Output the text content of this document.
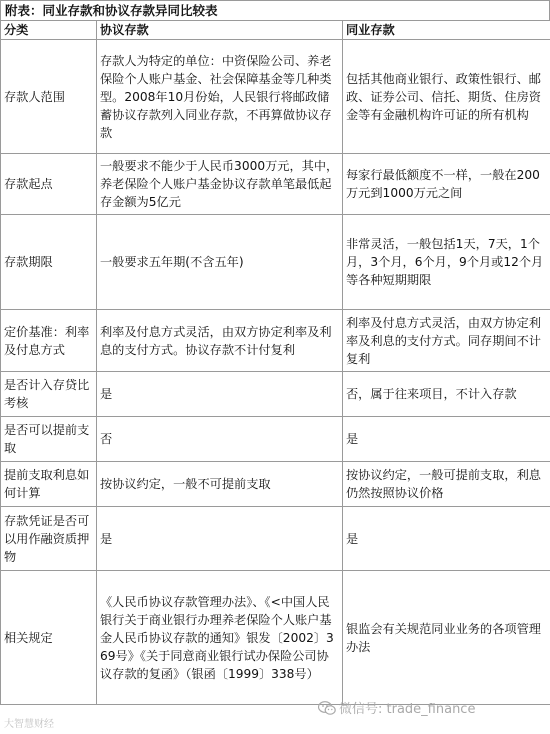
附表：同业存款和协议存款异同比较表
分类	协议存款	同业存款
存款人范围	存款人为特定的单位：中资保险公司、养老保险个人账户基金、社会保障基金等几种类型。2008年10月份始，人民银行将邮政储蓄协议存款列入同业存款，不再算做协议存款	包括其他商业银行、政策性银行、邮政、证券公司、信托、期货、住房资金等有金融机构许可证的所有机构
存款起点	一般要求不能少于人民币3000万元，其中，养老保险个人账户基金协议存款单笔最低起存金额为5亿元	每家行最低额度不一样，一般在200万元到1000万元之间
存款期限	一般要求五年期(不含五年)	非常灵活，一般包括1天，7天，1个月，3个月，6个月，9个月或12个月等各种短期期限
定价基准：利率及付息方式	利率及付息方式灵活，由双方协定利率及利息的支付方式。协议存款不计付复利	利率及付息方式灵活，由双方协定利率及利息的支付方式。同存期间不计复利
是否计入存贷比考核	是	否，属于往来项目，不计入存款
是否可以提前支取	否	是
提前支取利息如何计算	按协议约定，一般不可提前支取	按协议约定，一般可提前支取，利息仍然按照协议价格
存款凭证是否可以用作融资质押物	是	是
相关规定	《人民币协议存款管理办法》、《<中国人民银行关于商业银行办理养老保险个人账户基金人民币协议存款的通知》银发〔2002〕369号》《关于同意商业银行试办保险公司协议存款的复函》（银函〔1999〕338号）	银监会有关规范同业业务的各项管理办法
大智慧财经
微信号: trade_finance
